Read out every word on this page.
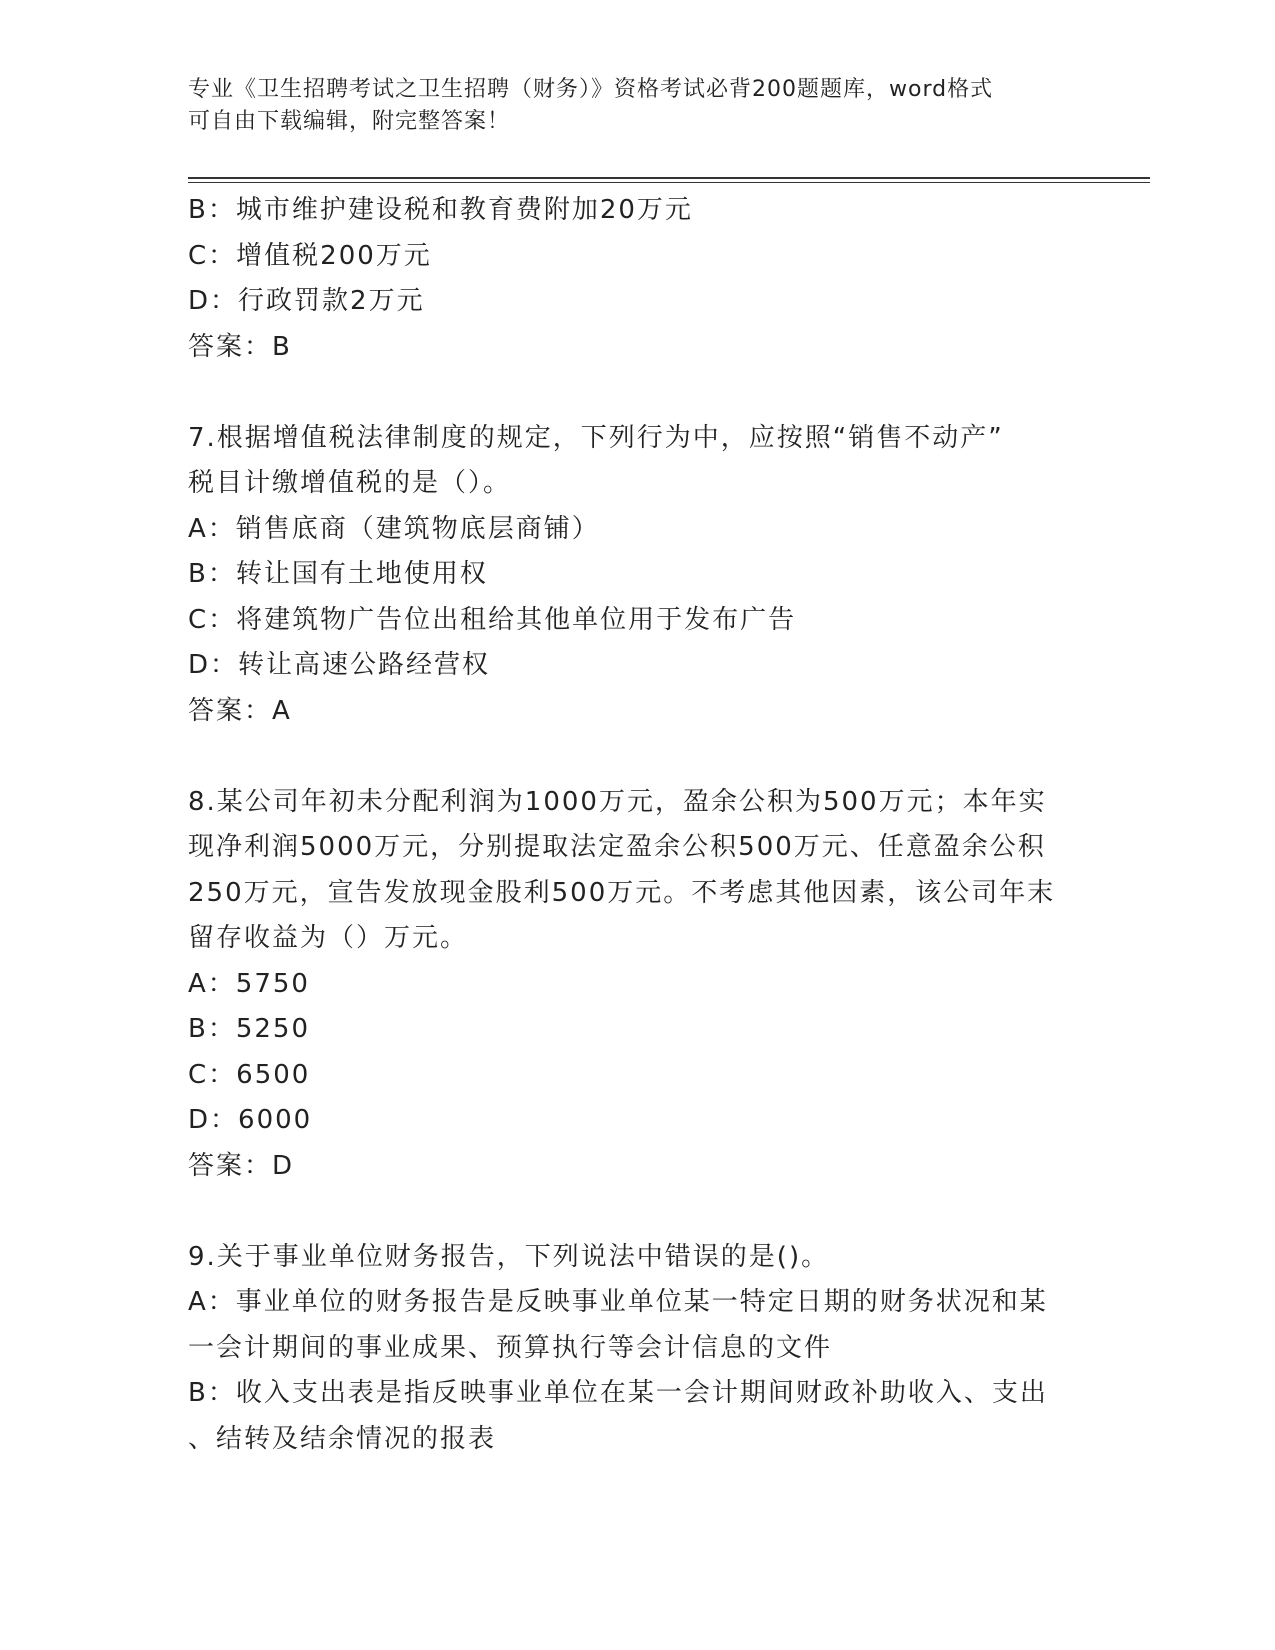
专业《卫生招聘考试之卫生招聘（财务）》资格考试必背200题题库，word格式
可自由下载编辑，附完整答案！
B：城市维护建设税和教育费附加20万元
C：增值税200万元
D：行政罚款2万元
答案：B
7.根据增值税法律制度的规定，下列行为中，应按照“销售不动产”
税目计缴增值税的是（）。
A：销售底商（建筑物底层商铺）
B：转让国有土地使用权
C：将建筑物广告位出租给其他单位用于发布广告
D：转让高速公路经营权
答案：A
8.某公司年初未分配利润为1000万元，盈余公积为500万元；本年实
现净利润5000万元，分别提取法定盈余公积500万元、任意盈余公积
250万元，宣告发放现金股利500万元。不考虑其他因素，该公司年末
留存收益为（）万元。
A：5750
B：5250
C：6500
D：6000
答案：D
9.关于事业单位财务报告，下列说法中错误的是()。
A：事业单位的财务报告是反映事业单位某一特定日期的财务状况和某
一会计期间的事业成果、预算执行等会计信息的文件
B：收入支出表是指反映事业单位在某一会计期间财政补助收入、支出
、结转及结余情况的报表
